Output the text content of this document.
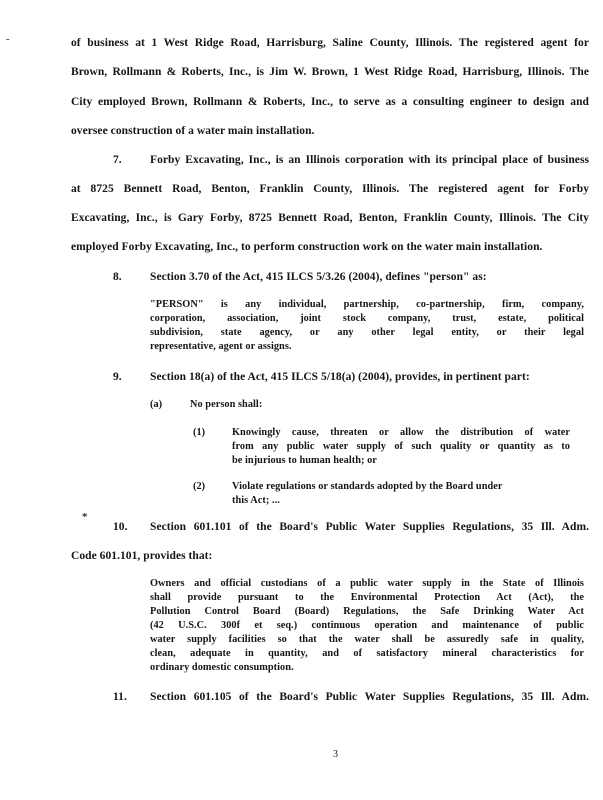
-	of business at 1 West Ridge Road, Harrisburg, Saline County, Illinois. The registered agent for
Brown, Rollmann & Roberts, Inc., is Jim W. Brown, 1 West Ridge Road, Harrisburg, Illinois. The
City employed Brown, Rollmann & Roberts, Inc., to serve as a consulting engineer to design and
oversee construction of a water main installation.
7. Forby Excavating, Inc., is an Illinois corporation with its principal place of business
at 8725 Bennett Road, Benton, Franklin County, Illinois. The registered agent for Forby
Excavating, Inc., is Gary Forby, 8725 Bennett Road, Benton, Franklin County, Illinois. The City
employed Forby Excavating, Inc., to perform construction work on the water main installation.
8. Section 3.70 of the Act, 415 ILCS 5/3.26 (2004), defines "person" as:
"PERSON" is any individual, partnership, co-partnership, firm, company,
corporation, association, joint stock company, trust, estate, political
subdivision, state agency, or any other legal entity, or their legal
representative, agent or assigns.
9. Section 18(a) of the Act, 415 ILCS 5/18(a) (2004), provides, in pertinent part:
(a)	No person shall:
(1)	Knowingly cause, threaten or allow the distribution of water
from any public water supply of such quality or quantity as to
be injurious to human health; or
(2)	Violate regulations or standards adopted by the Board under
this Act; ...
*
10. Section 601.101 of the Board's Public Water Supplies Regulations, 35 Ill. Adm.
Code 601.101, provides that:
Owners and official custodians of a public water supply in the State of Illinois
shall provide pursuant to the Environmental Protection Act (Act), the
Pollution Control Board (Board) Regulations, the Safe Drinking Water Act
(42 U.S.C. 300f et seq.) continuous operation and maintenance of public
water supply facilities so that the water shall be assuredly safe in quality,
clean, adequate in quantity, and of satisfactory mineral characteristics for
ordinary domestic consumption.
11. Section 601.105 of the Board's Public Water Supplies Regulations, 35 Ill. Adm.
3
